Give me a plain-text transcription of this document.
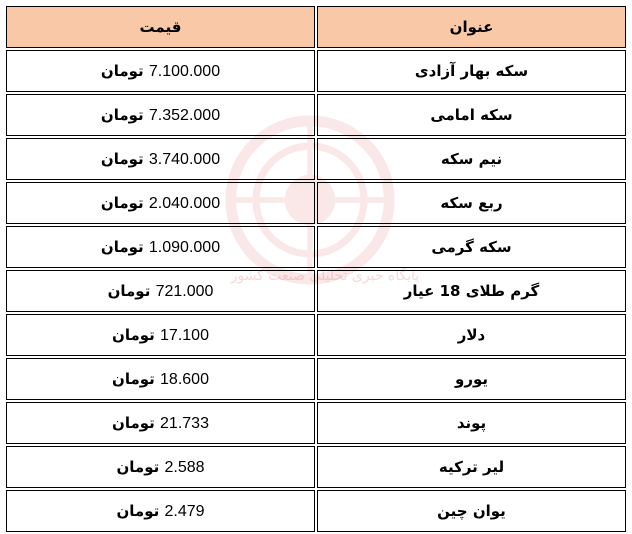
پایگاه خبری تحلیلی صنعت کشور
عنوان	قیمت
سکه بهار آزادی	7.100.000 تومان
سکه امامی	7.352.000 تومان
نیم سکه	3.740.000 تومان
ربع سکه	2.040.000 تومان
سکه گرمی	1.090.000 تومان
گرم طلای 18 عیار	721.000 تومان
دلار	17.100 تومان
یورو	18.600 تومان
پوند	21.733 تومان
لیر ترکیه	2.588 تومان
یوان چین	2.479 تومان
